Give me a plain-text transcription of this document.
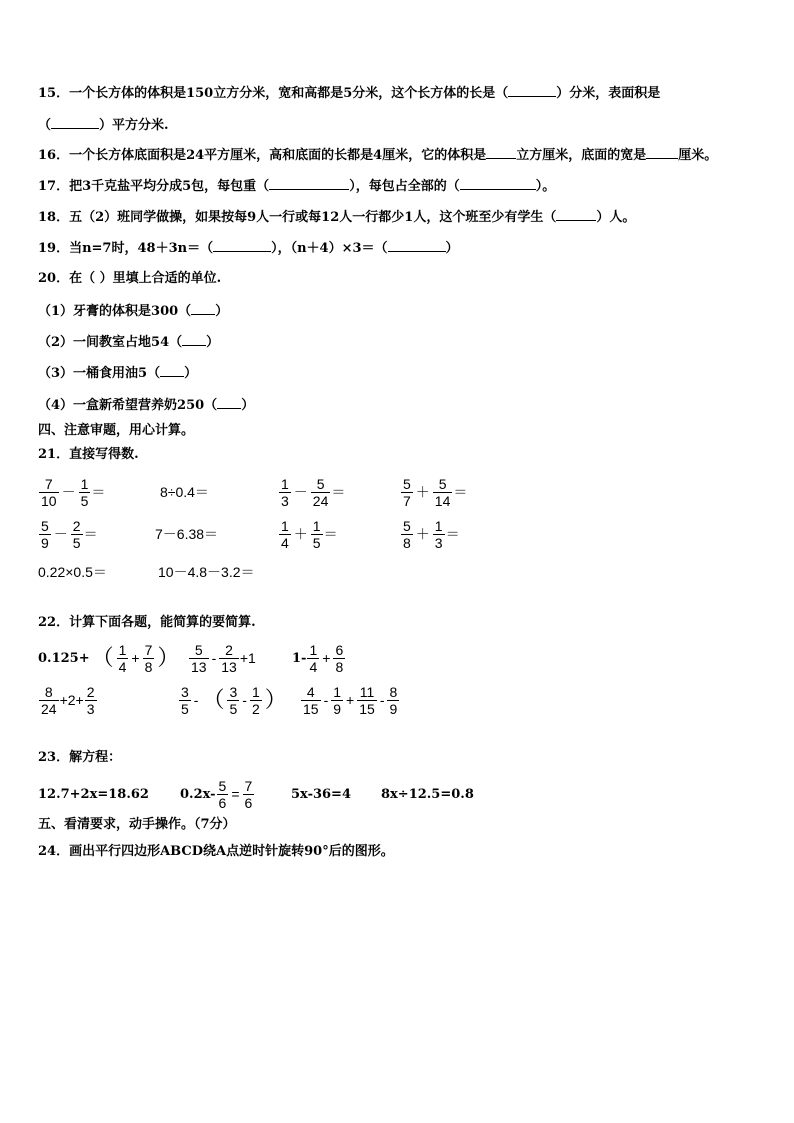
15．一个长方体的体积是150立方分米，宽和高都是5分米，这个长方体的长是（	）分米，表面积是
（	）平方分米.
16．一个长方体底面积是24平方厘米，高和底面的长都是4厘米，它的体积是 立方厘米，底面的宽是 厘米。
17．把3千克盐平均分成5包，每包重（	），每包占全部的（	）。
18．五（2）班同学做操，如果按每9人一行或每12人一行都少1人，这个班至少有学生（	）人。
19．当n=7时，48＋3n＝（	），（n＋4）×3＝（	）
20．在（ ）里填上合适的单位.
（1）牙膏的体积是300（ ）
（2）一间教室占地54（ ）
（3）一桶食用油5（ ）
（4）一盒新希望营养奶250（ ）
四、注意审题，用心计算。
21．直接写得数.
$\frac{7}{10} - \frac{1}{5}$ ＝	8÷0.4＝	$\frac{1}{3} - \frac{5}{24}$ ＝	$\frac{5}{7} + \frac{5}{14}$ ＝
$\frac{5}{9} - \frac{2}{5}$ ＝	7－6.38＝	$\frac{1}{4} + \frac{1}{5}$ ＝	$\frac{5}{8} + \frac{1}{3}$ ＝
0.22×0.5＝	10－4.8－3.2＝
22．计算下面各题，能简算的要简算.
0.125+ （ $\frac{1}{4} + \frac{7}{8}$ ） $\frac{5}{13} - \frac{2}{13} +1$	$1- \frac{1}{4} + \frac{6}{8}$
$\frac{8}{24} +2+ \frac{2}{3}$	$\frac{3}{5}$ - （ $\frac{3}{5} - \frac{1}{2}$ ） $\frac{4}{15} - \frac{1}{9} + \frac{11}{15} - \frac{8}{9}$
23．解方程：
12.7+2x=18.62 $0.2x- \frac{5}{6} = \frac{7}{6}$	5x-36=4 8x÷12.5=0.8
五、看清要求，动手操作。（7分）
24．画出平行四边形ABCD绕A点逆时针旋转90°后的图形。
